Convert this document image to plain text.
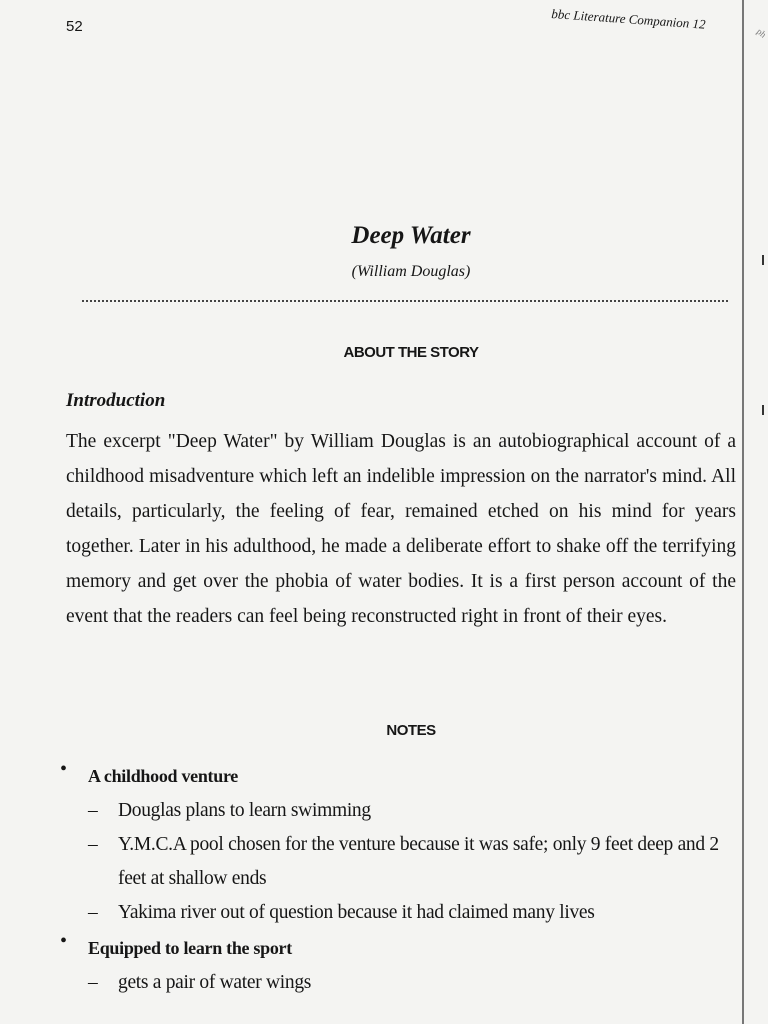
52	bbc Literature Companion 12
ph
Deep Water
(William Douglas)
ABOUT THE STORY
Introduction

The excerpt "Deep Water" by William Douglas is an autobiographical account of a childhood misadventure which left an indelible impression on the narrator's mind. All details, particularly, the feeling of fear, remained etched on his mind for years together. Later in his adulthood, he made a deliberate effort to shake off the terrifying memory and get over the phobia of water bodies. It is a first person account of the event that the readers can feel being reconstructed right in front of their eyes.

NOTES
• A childhood venture
– Douglas plans to learn swimming
– Y.M.C.A pool chosen for the venture because it was safe; only 9 feet deep and 2 feet at shallow ends
– Yakima river out of question because it had claimed many lives
• Equipped to learn the sport
– gets a pair of water wings
